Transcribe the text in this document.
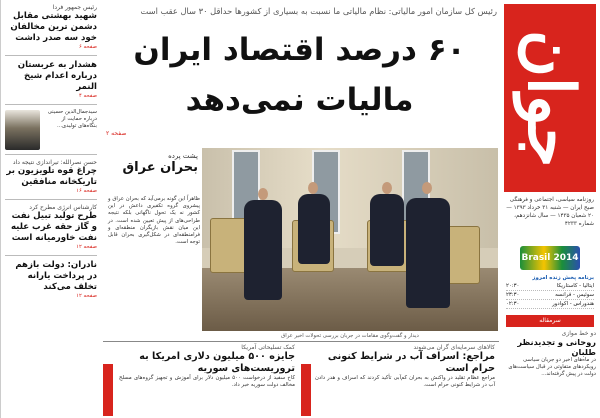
جوان
روزنامه سیاسی، اجتماعی و فرهنگی صبح ایران — شنبه ۳۱ خرداد ۱۳۹۳ — ۲۰ شعبان ۱۴۳۵ — سال شانزدهم، شماره ۴۲۳۳
Brasil 2014
برنامه پخش زنده امروز
ایتالیا - کاستاریکا
۲۰:۳۰
سوئیس - فرانسه
۲۳:۳۰
هندوراس - اکوادور
۰۲:۳۰
سرمقاله
رئیس جمهور فردا
شهید بهشتی مقابل دشمن ترین مخالفان خود سه صدر داشت
صفحه ۶
هشدار به عربستان درباره اعدام شیخ النمر
صفحه ۴
سیدجمال‌الدین حسینی درباره حمایت از بنگاه‌های تولیدی...
حسن نصرالله: تیراندازی نتیجه داد
چراغ قوه تلویزیون بر تاریکخانه منافقین
صفحه ۱۶
کارشناس انرژی مطرح کرد
طرح تولید تبیل نفت و گاز حقه غرب علیه نفت خاورمیانه است
صفحه ۱۲
نادران: دولت بازهم در پرداخت یارانه تخلف می‌کند
صفحه ۱۲
رئیس کل سازمان امور مالیاتی: نظام مالیاتی ما نسبت به بسیاری از کشورها حداقل ۳۰ سال عقب است
۶۰ درصد اقتصاد ایران
مالیات نمی‌دهد
صفحه ۲
پشت پرده
بحران عراق
ظاهراً این گونه برمی‌آید که بحران عراق و پیشروی گروه تکفیری داعش در این کشور نه یک تحول ناگهانی بلکه نتیجه طراحی‌های از پیش تعیین شده است. در این میان نقش بازیگران منطقه‌ای و فرامنطقه‌ای در شکل‌گیری بحران قابل توجه است.
دیدار و گفت‌وگوی مقامات در جریان بررسی تحولات اخیر عراق
کالاهای سرمایه‌ای گران می‌شوند
مراجع: اسراف آب در شرایط کنونی حرام است
مراجع عظام تقلید در واکنش به بحران کم‌آبی تأکید کردند که اسراف و هدر دادن آب در شرایط کنونی حرام است.
کمک تسلیحاتی آمریکا
جایزه ۵۰۰ میلیون دلاری امریکا به تروریست‌های سوریه
کاخ سفید از درخواست ۵۰۰ میلیون دلار برای آموزش و تجهیز گروه‌های مسلح مخالف دولت سوریه خبر داد.
دو خط موازی
روحانی و تجدیدنظر طلبان
در ماه‌های اخیر دو جریان سیاسی رویکردهای متفاوتی در قبال سیاست‌های دولت در پیش گرفته‌اند...
